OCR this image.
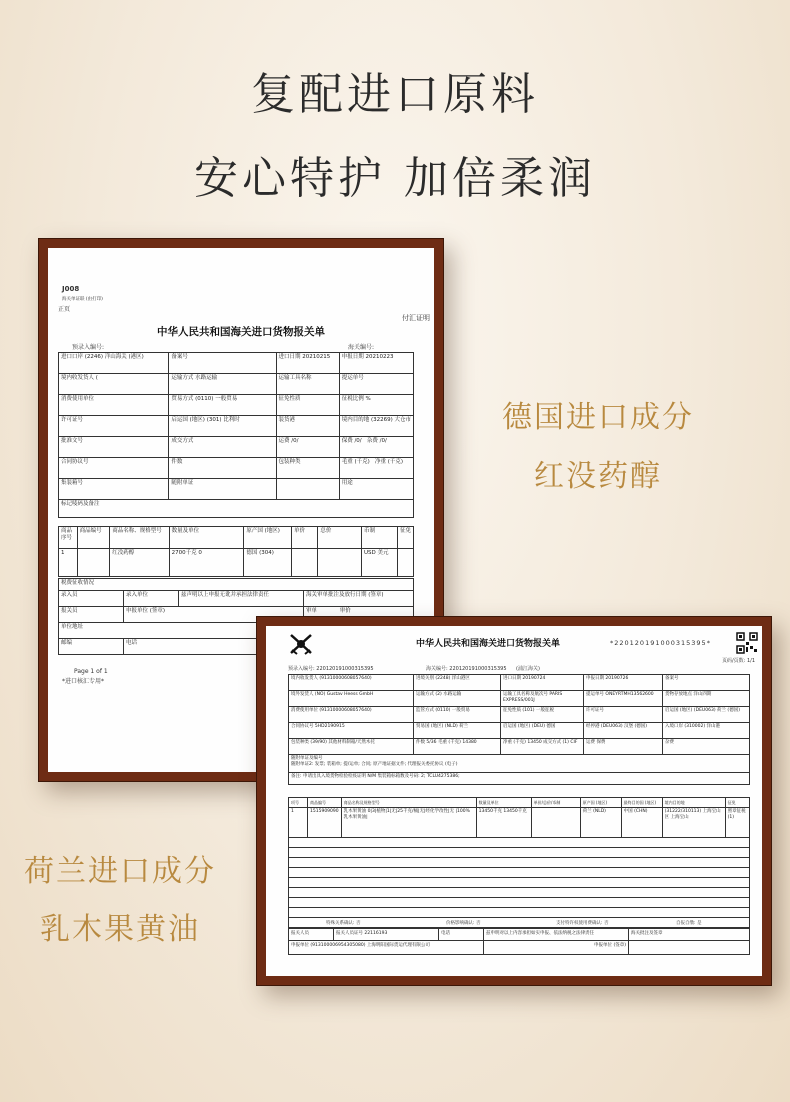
复配进口原料
安心特护 加倍柔润
德国进口成分
红没药醇
荷兰进口成分
乳木果黄油
J008
海关单证联 (由打印)
正页
付汇证明
中华人民共和国海关进口货物报关单
预录入编号:	海关编号:
进口口岸 (2246) 洋山海关 (港区)	备案号	进口日期 20210215	申报日期 20210223
境内收发货人 (	运输方式 水路运输	运输工具名称	提运单号
消费使用单位	贸易方式 (0110) 一般贸易	征免性质	征税比例 %
许可证号	启运国 (地区) (301) 比利时	装货港	境内目的地 (32269) 大仓市
批准文号	成交方式	运费 /0/	保费 /0/ 杂费 /0/
合同协议号	件数	包装种类	毛重 (千克) 净重 (千克)
集装箱号	随附单证		用途
标记唛码及备注			
商品序号	商品编号	商品名称、规格型号	数量及单位	原产国 (地区)	单价	总价	币制	征免
1		红没药醇	2700千克 0	德国 (304)			USD 美元	
税费征收情况			
录入员	录入单位	兹声明以上申报无讹并承担法律责任	海关审单批注及放行日期 (签章)
报关员	申报单位 (签章)		审单 审价
单位地址			
邮编	电话	
Page 1 of 1
*进口核汇专用*
中华人民共和国海关进口货物报关单	*220120191000315395*
页码/页数: 1/1
预录入编号: 220120191000315395	海关编号: 220120191000315395 (浦江海关)
境内收发货人 (91310000608057640)	进境关别 (2248) 洋山港区	进口日期 20190724	申报日期 20190726	备案号
境外发货人 (NO) Gustav Heess GmbH	运输方式 (2) 水路运输	运输工具名称及航次号 PARIS EXPRESS/001J	提运单号 ONEYRTMH13562600	货物存放地点 洋山四期
消费使用单位 (91310000608057640)	监管方式 (0110) 一般贸易	征免性质 (101) 一般征税	许可证号	启运国 (地区) (DEU063) 荷兰 (德国)
合同协议号 5HD2190915	贸易国 (地区) (NLD) 荷兰	启运国 (地区) (DEU) 德国	经停港 (DEU063) 汉堡 (德国)	入境口岸 (310002) 洋山港
包装种类 (39/90) 其他材料制箱/天然木托	件数 5/36 毛重 (千克) 14380	净重 (千克) 13450 成交方式 (1) CIF	运费 保费	杂费

随附单证及编号
随附单证2: 发票; 装箱单; 提/运单; 合同; 原产地证据文件; 代理报关委托协议 (电子)				

备注: 申请出具入境货物检验检疫证明 N/M 集装箱标箱数及号码: 2; TCLU4275386;				
项号	商品编号	商品名称及规格型号	数量及单位	单价/总价/币制	原产国 (地区)	最终目的国 (地区)	境内目的地	征免
1	1515909090	乳木果黄油 0|3|植物|1|无|25千克/桶|无|经化学改性|无 |100%乳木果黄油|	13450千克 13450千克		荷兰 (NLD)	中国 (CHN)	(31222/310113) 上海宝山区 上海宝山	照章征税 (1)

特殊关系确认: 否	价格影响确认: 否	支付特许权使用费确认: 否	自报自缴: 是
报关人员	报关人员证号 22116193	电话	兹申明对以上内容承担如实申报、依法纳税之法律责任	海关批注及签章
申报单位 (913100006954305080) 上海明阳国际货运代理有限公司			申报单位 (签章)	
